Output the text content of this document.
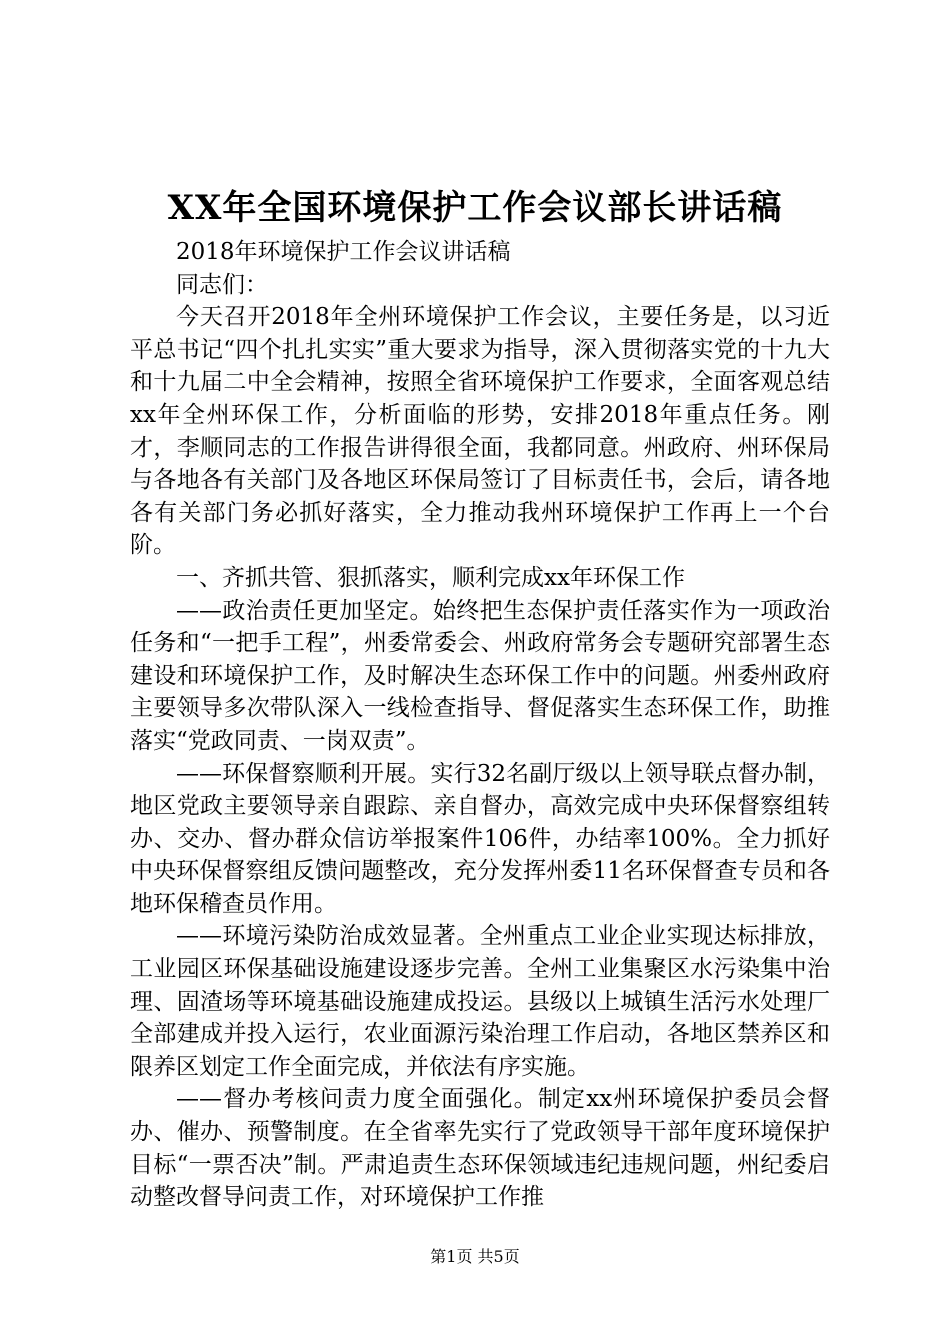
XX年全国环境保护工作会议部长讲话稿

2018年环境保护工作会议讲话稿

同志们：

今天召开2018年全州环境保护工作会议，主要任务是，以习近平总书记“四个扎扎实实”重大要求为指导，深入贯彻落实党的十九大和十九届二中全会精神，按照全省环境保护工作要求，全面客观总结xx年全州环保工作，分析面临的形势，安排2018年重点任务。刚才，李顺同志的工作报告讲得很全面，我都同意。州政府、州环保局与各地各有关部门及各地区环保局签订了目标责任书，会后，请各地各有关部门务必抓好落实，全力推动我州环境保护工作再上一个台阶。

一、齐抓共管、狠抓落实，顺利完成xx年环保工作

——政治责任更加坚定。始终把生态保护责任落实作为一项政治任务和“一把手工程”，州委常委会、州政府常务会专题研究部署生态建设和环境保护工作，及时解决生态环保工作中的问题。州委州政府主要领导多次带队深入一线检查指导、督促落实生态环保工作，助推落实“党政同责、一岗双责”。

——环保督察顺利开展。实行32名副厅级以上领导联点督办制，地区党政主要领导亲自跟踪、亲自督办，高效完成中央环保督察组转办、交办、督办群众信访举报案件106件，办结率100%。全力抓好中央环保督察组反馈问题整改，充分发挥州委11名环保督查专员和各地环保稽查员作用。

——环境污染防治成效显著。全州重点工业企业实现达标排放，工业园区环保基础设施建设逐步完善。全州工业集聚区水污染集中治理、固渣场等环境基础设施建成投运。县级以上城镇生活污水处理厂全部建成并投入运行，农业面源污染治理工作启动，各地区禁养区和限养区划定工作全面完成，并依法有序实施。

——督办考核问责力度全面强化。制定xx州环境保护委员会督办、催办、预警制度。在全省率先实行了党政领导干部年度环境保护目标“一票否决”制。严肃追责生态环保领域违纪违规问题，州纪委启动整改督导问责工作，对环境保护工作推

第1页 共5页
